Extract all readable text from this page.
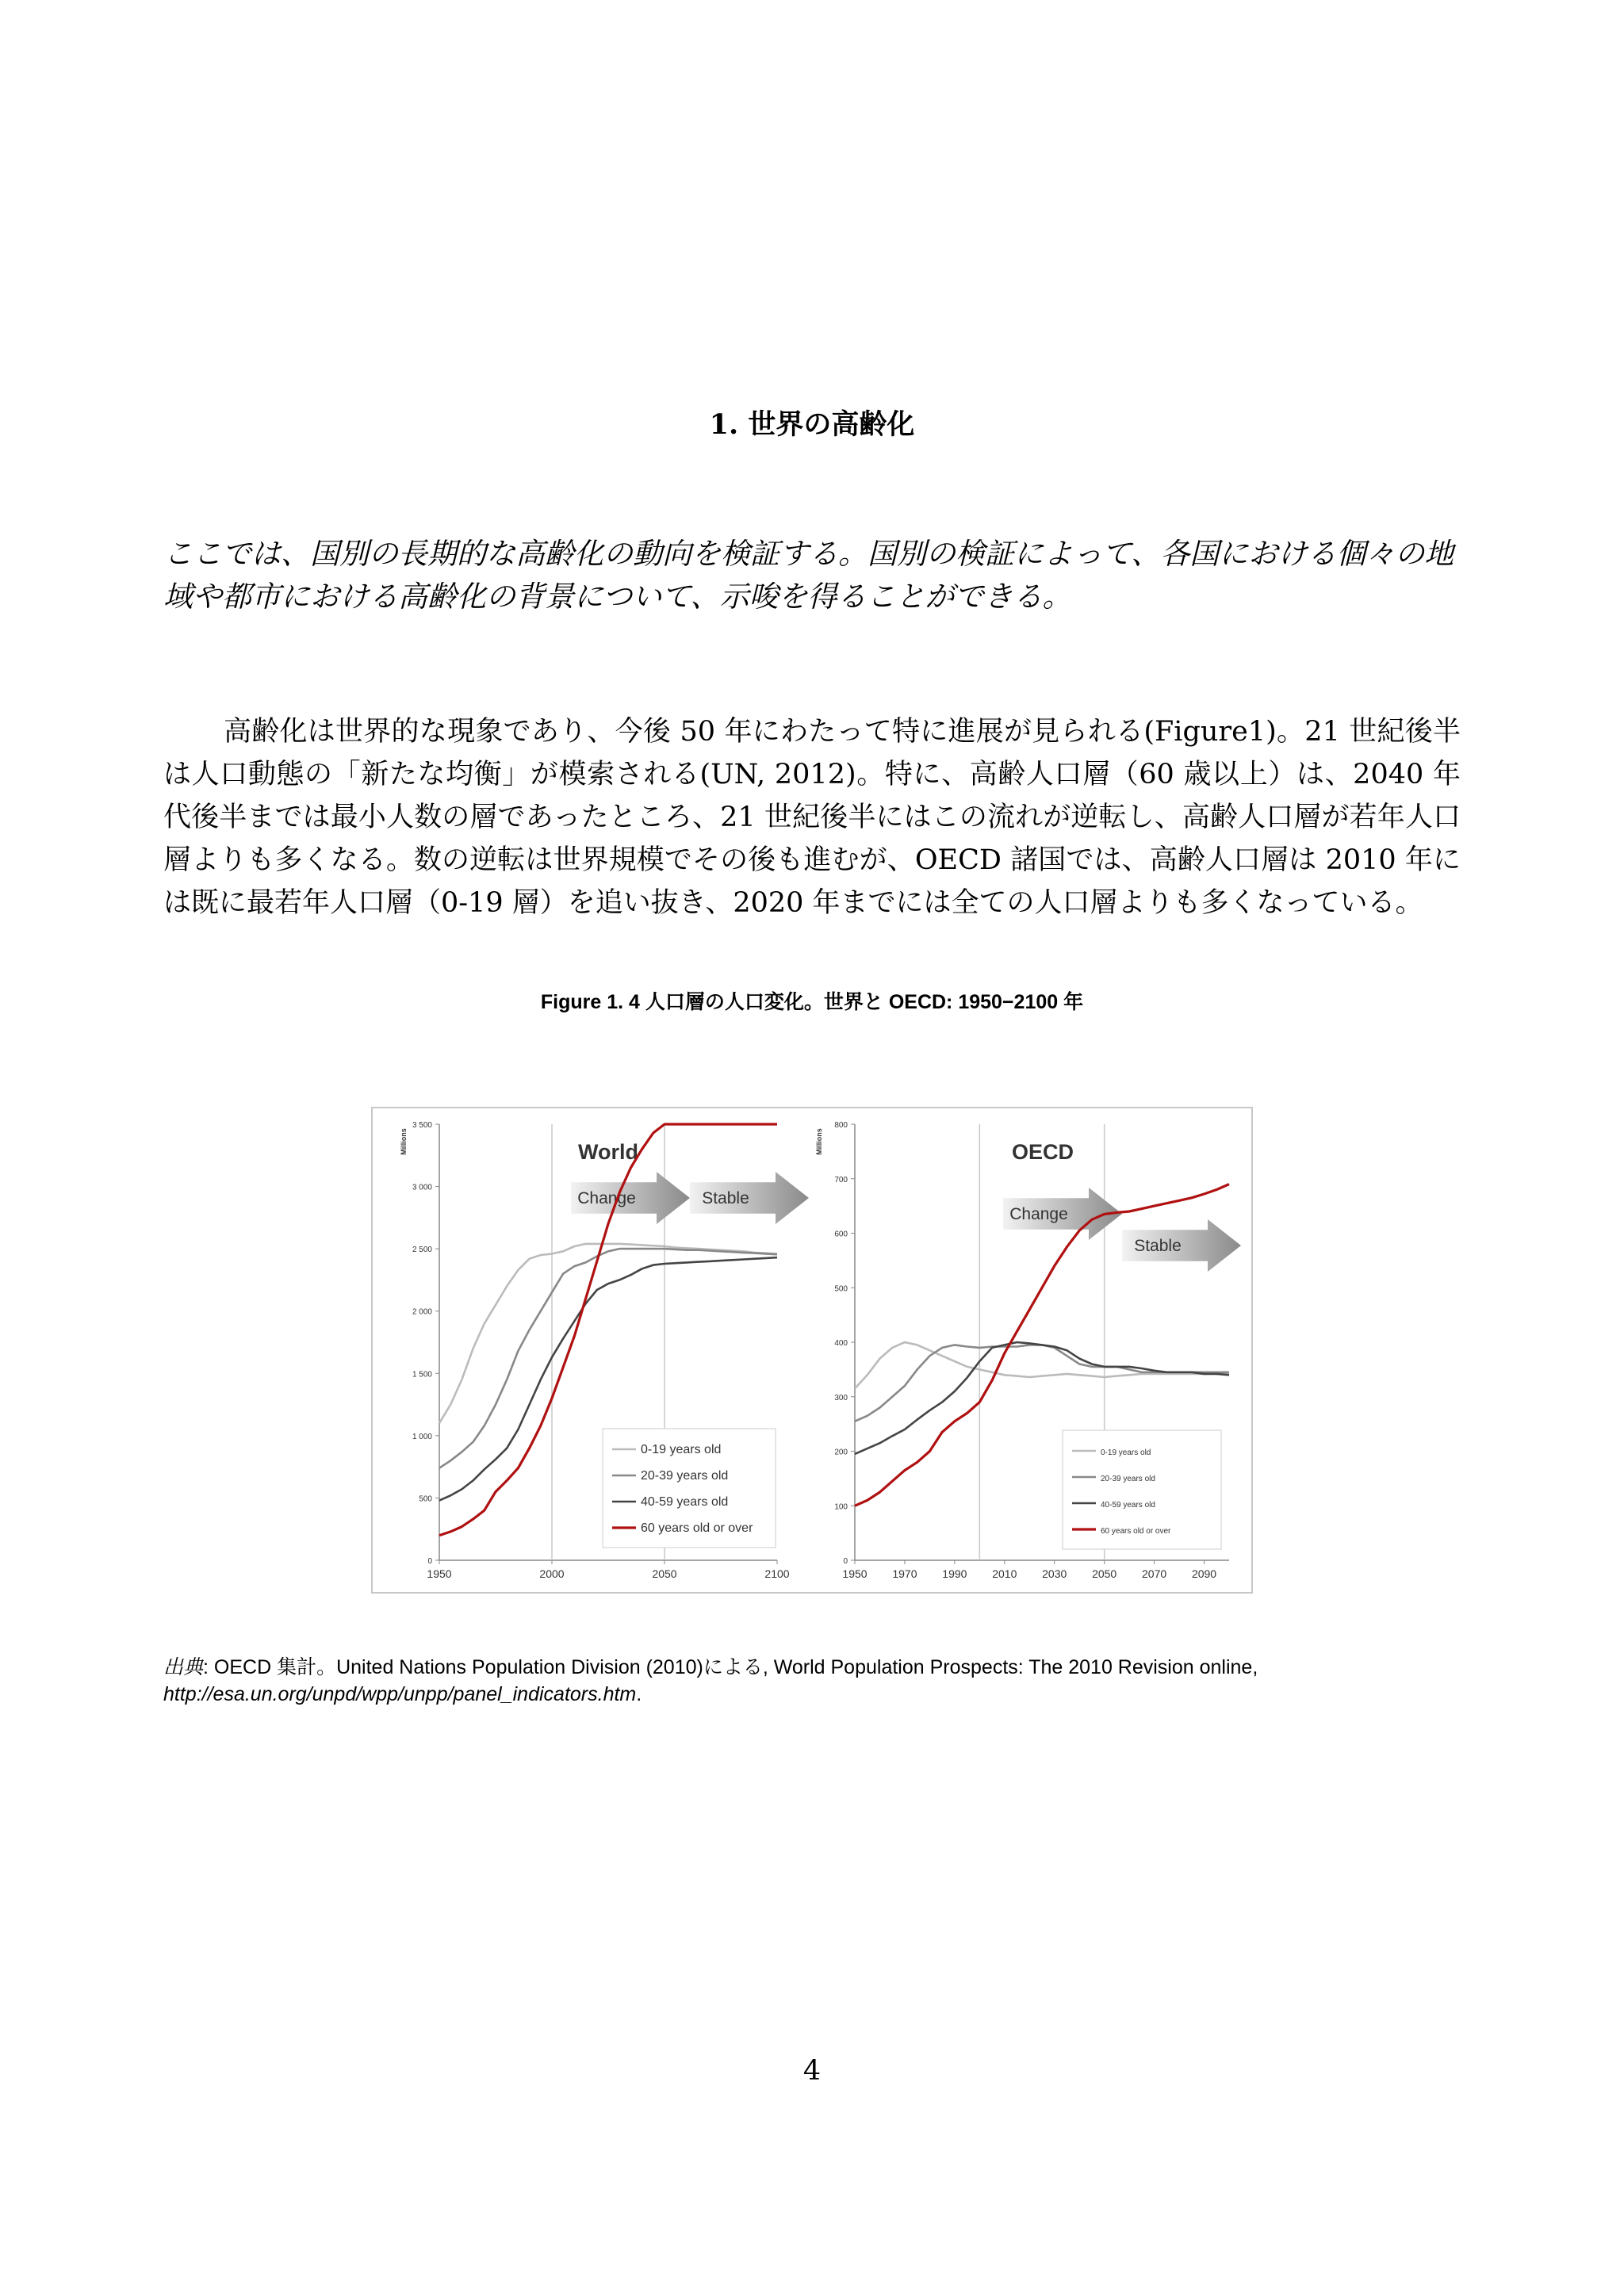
1. 世界の高齢化

ここでは、国別の長期的な高齢化の動向を検証する。国別の検証によって、各国における個々の地域や都市における高齢化の背景について、示唆を得ることができる。

高齢化は世界的な現象であり、今後 50 年にわたって特に進展が見られる(Figure1)。21 世紀後半は人口動態の「新たな均衡」が模索される(UN, 2012)。特に、高齢人口層（60 歳以上）は、2040 年代後半までは最小人数の層であったところ、21 世紀後半にはこの流れが逆転し、高齢人口層が若年人口層よりも多くなる。数の逆転は世界規模でその後も進むが、OECD 諸国では、高齢人口層は 2010 年には既に最若年人口層（0-19 層）を追い抜き、2020 年までには全ての人口層よりも多くなっている。

Figure 1. 4 人口層の人口変化。世界と OECD: 1950−2100 年
0
500
1 000
1 500
2 000
2 500
3 000
3 500
1950	2000	2050	2100
Millions
Change	Stable
World
0-19 years old
20-39 years old
40-59 years old
60 years old or over
0
100
200
300
400
500
600
700
800
1950 1970 1990 2010 2030 2050 2070 2090
Millions
Change
Stable
OECD
0-19 years old
20-39 years old
40-59 years old
60 years old or over

出典: OECD 集計。United Nations Population Division (2010)による, World Population Prospects: The 2010 Revision online,
http://esa.un.org/unpd/wpp/unpp/panel_indicators.htm.

4
